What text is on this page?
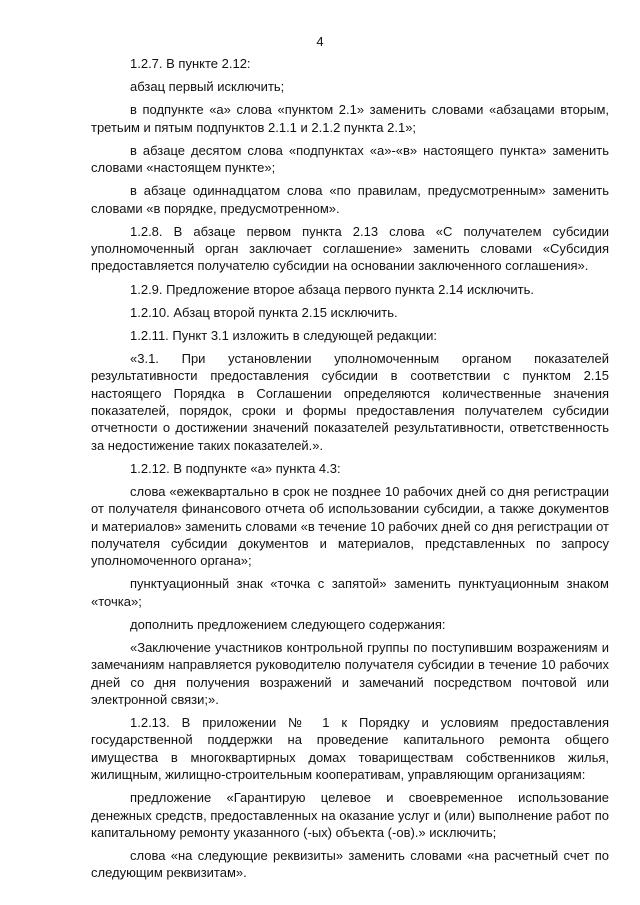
4

1.2.7. В пункте 2.12:

абзац первый исключить;

в подпункте «а» слова «пунктом 2.1» заменить словами «абзацами вторым, третьим и пятым подпунктов 2.1.1 и 2.1.2 пункта 2.1»;

в абзаце десятом слова «подпунктах «а»-«в» настоящего пункта» заменить словами «настоящем пункте»;

в абзаце одиннадцатом слова «по правилам, предусмотренным» заменить словами «в порядке, предусмотренном».

1.2.8. В абзаце первом пункта 2.13 слова «С получателем субсидии уполномоченный орган заключает соглашение» заменить словами «Субсидия предоставляется получателю субсидии на основании заключенного соглашения».

1.2.9. Предложение второе абзаца первого пункта 2.14 исключить.

1.2.10. Абзац второй пункта 2.15 исключить.

1.2.11. Пункт 3.1 изложить в следующей редакции:

«3.1. При установлении уполномоченным органом показателей результативности предоставления субсидии в соответствии с пунктом 2.15 настоящего Порядка в Соглашении определяются количественные значения показателей, порядок, сроки и формы предоставления получателем субсидии отчетности о достижении значений показателей результативности, ответственность за недостижение таких показателей.».

1.2.12. В подпункте «а» пункта 4.3:

слова «ежеквартально в срок не позднее 10 рабочих дней со дня регистрации от получателя финансового отчета об использовании субсидии, а также документов и материалов» заменить словами «в течение 10 рабочих дней со дня регистрации от получателя субсидии документов и материалов, представленных по запросу уполномоченного органа»;

пунктуационный знак «точка с запятой» заменить пунктуационным знаком «точка»;

дополнить предложением следующего содержания:

«Заключение участников контрольной группы по поступившим возражениям и замечаниям направляется руководителю получателя субсидии в течение 10 рабочих дней со дня получения возражений и замечаний посредством почтовой или электронной связи;».

1.2.13. В приложении № 1 к Порядку и условиям предоставления государственной поддержки на проведение капитального ремонта общего имущества в многоквартирных домах товариществам собственников жилья, жилищным, жилищно-строительным кооперативам, управляющим организациям:

предложение «Гарантирую целевое и своевременное использование денежных средств, предоставленных на оказание услуг и (или) выполнение работ по капитальному ремонту указанного (-ых) объекта (-ов).» исключить;

слова «на следующие реквизиты» заменить словами «на расчетный счет по следующим реквизитам».
